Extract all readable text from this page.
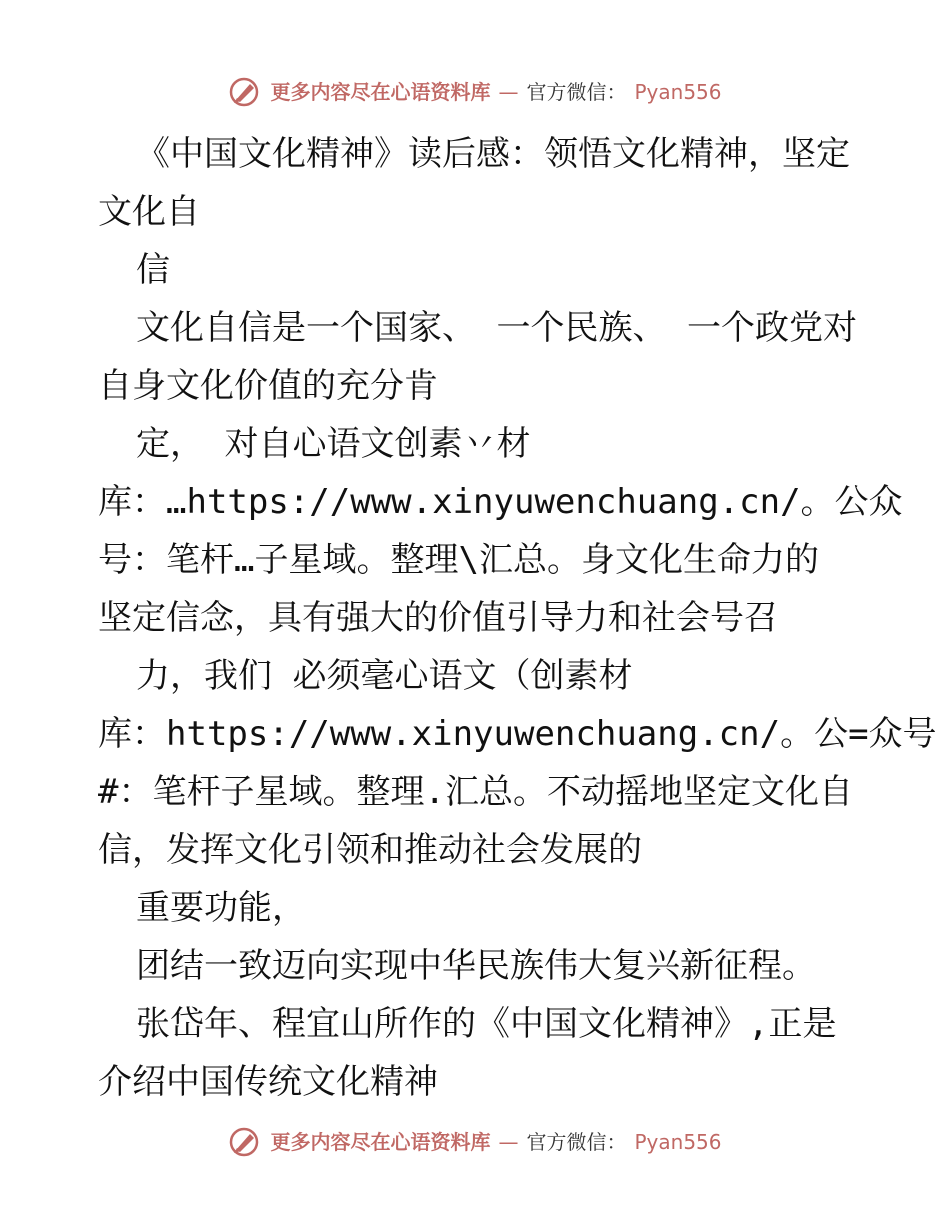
更多内容尽在心语资料库 — 官方微信： Pyan556
《中国文化精神》读后感：领悟文化精神，坚定
文化自
信
文化自信是一个国家、 一个民族、 一个政党对
自身文化价值的充分肯
定， 对自心语文创素丷材
库：…https://www.xinyuwenchuang.cn/。公众
号：笔杆…子星域。整理\汇总。身文化生命力的
坚定信念，具有强大的价值引导力和社会号召
力，我们 必须毫心语文（创素材
库：https://www.xinyuwenchuang.cn/。公=众号
#：笔杆子星域。整理.汇总。不动摇地坚定文化自
信，发挥文化引领和推动社会发展的
重要功能，
团结一致迈向实现中华民族伟大复兴新征程。
张岱年、程宜山所作的《中国文化精神》,正是
介绍中国传统文化精神
更多内容尽在心语资料库 — 官方微信： Pyan556
